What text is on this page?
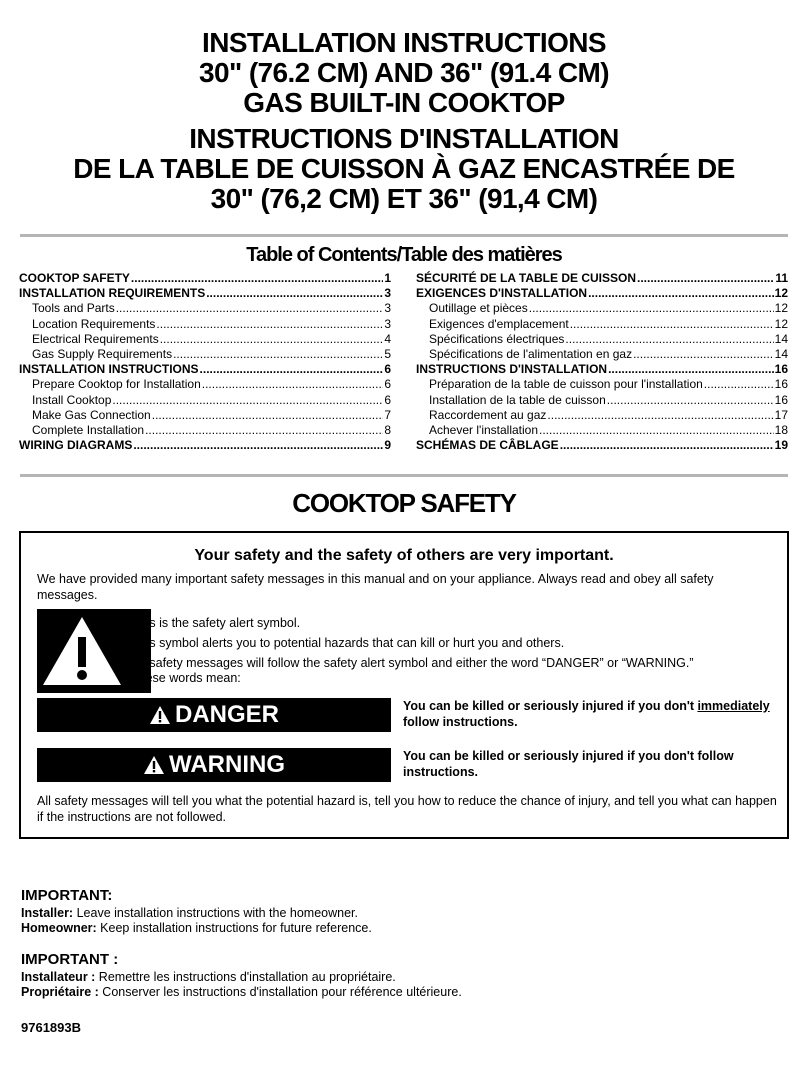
INSTALLATION INSTRUCTIONS
30" (76.2 CM) AND 36" (91.4 CM)
GAS BUILT-IN COOKTOP
INSTRUCTIONS D'INSTALLATION
DE LA TABLE DE CUISSON À GAZ ENCASTRÉE DE
30" (76,2 CM) ET 36" (91,4 CM)
Table of Contents/Table des matières
COOKTOP SAFETY .....	1
INSTALLATION REQUIREMENTS .....	3
Tools and Parts .....	3
Location Requirements .....	3
Electrical Requirements .....	4
Gas Supply Requirements .....	5
INSTALLATION INSTRUCTIONS .....	6
Prepare Cooktop for Installation .....	6
Install Cooktop .....	6
Make Gas Connection .....	7
Complete Installation .....	8
WIRING DIAGRAMS .....	9
SÉCURITÉ DE LA TABLE DE CUISSON .....	11
EXIGENCES D'INSTALLATION .....	12
Outillage et pièces .....	12
Exigences d'emplacement .....	12
Spécifications électriques .....	14
Spécifications de l'alimentation en gaz .....	14
INSTRUCTIONS D'INSTALLATION .....	16
Préparation de la table de cuisson pour l'installation .....	16
Installation de la table de cuisson .....	16
Raccordement au gaz .....	17
Achever l'installation .....	18
SCHÉMAS DE CÂBLAGE .....	19
COOKTOP SAFETY
Your safety and the safety of others are very important.
We have provided many important safety messages in this manual and on your appliance. Always read and obey all safety messages.
This is the safety alert symbol.
This symbol alerts you to potential hazards that can kill or hurt you and others.
All safety messages will follow the safety alert symbol and either the word “DANGER” or “WARNING.”
These words mean:
DANGER	You can be killed or seriously injured if you don't immediately follow instructions.
WARNING	You can be killed or seriously injured if you don't follow instructions.
All safety messages will tell you what the potential hazard is, tell you how to reduce the chance of injury, and tell you what can happen if the instructions are not followed.
IMPORTANT:
Installer: Leave installation instructions with the homeowner.
Homeowner: Keep installation instructions for future reference.
IMPORTANT :
Installateur : Remettre les instructions d'installation au propriétaire.
Propriétaire : Conserver les instructions d'installation pour référence ultérieure.
9761893B
